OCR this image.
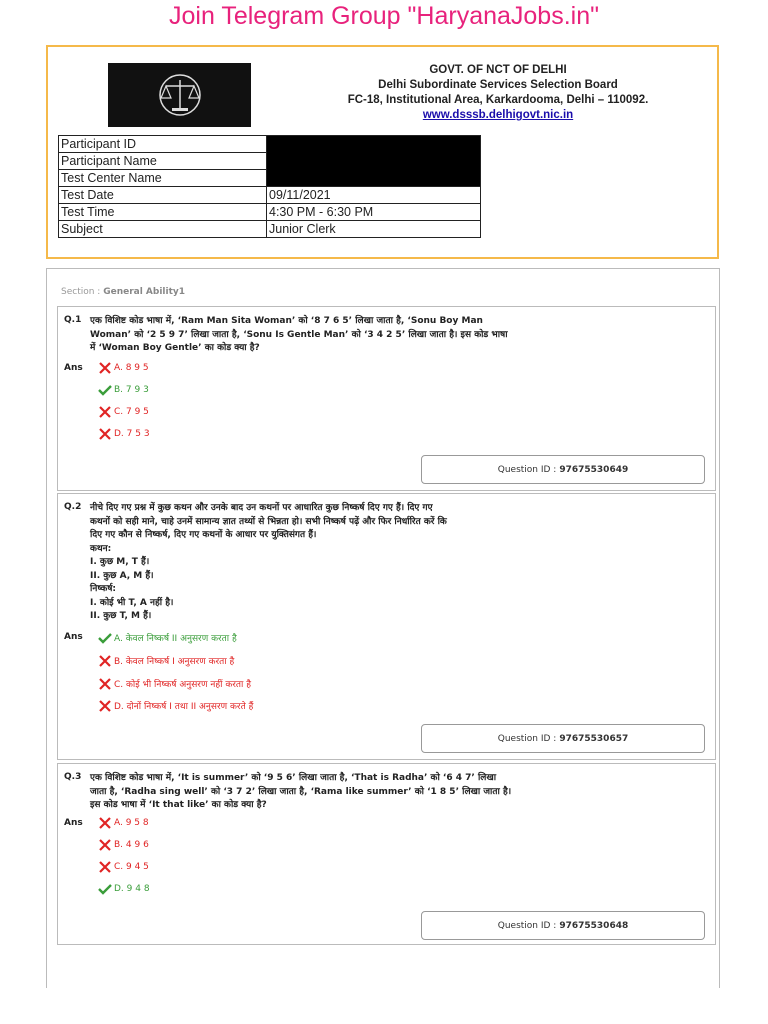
Join Telegram Group "HaryanaJobs.in"
GOVT. OF NCT OF DELHI
Delhi Subordinate Services Selection Board
FC-18, Institutional Area, Karkardooma, Delhi – 110092.
www.dsssb.delhigovt.nic.in
Participant ID	
Participant Name	
Test Center Name	
Test Date	09/11/2021
Test Time	4:30 PM - 6:30 PM
Subject	Junior Clerk
Section : General Ability1
Q.1 एक विशिष्ट कोड भाषा में, ‘Ram Man Sita Woman’ को ‘8 7 6 5’ लिखा जाता है, ‘Sonu Boy Man
Woman’ को ‘2 5 9 7’ लिखा जाता है, ‘Sonu Is Gentle Man’ को ‘3 4 2 5’ लिखा जाता है। इस कोड भाषा
में ‘Woman Boy Gentle’ का कोड क्या है?
Ans	A. 8 9 5
B. 7 9 3
C. 7 9 5
D. 7 5 3
Question ID : 97675530649
Q.2 नीचे दिए गए प्रश्न में कुछ कथन और उनके बाद उन कथनों पर आधारित कुछ निष्कर्ष दिए गए हैं। दिए गए
कथनों को सही माने, चाहे उनमें सामान्य ज्ञात तथ्यों से भिन्नता हो। सभी निष्कर्ष पढ़ें और फिर निर्धारित करें कि
दिए गए कौन से निष्कर्ष, दिए गए कथनों के आधार पर युक्तिसंगत हैं।
कथन:
I. कुछ M, T हैं।
II. कुछ A, M हैं।
निष्कर्ष:
I. कोई भी T, A नहीं है।
II. कुछ T, M हैं।
Ans	A. केवल निष्कर्ष II अनुसरण करता है
B. केवल निष्कर्ष I अनुसरण करता है
C. कोई भी निष्कर्ष अनुसरण नहीं करता है
D. दोनों निष्कर्ष I तथा II अनुसरण करते हैं
Question ID : 97675530657
Q.3 एक विशिष्ट कोड भाषा में, ‘It is summer’ को ‘9 5 6’ लिखा जाता है, ‘That is Radha’ को ‘6 4 7’ लिखा
जाता है, ‘Radha sing well’ को ‘3 7 2’ लिखा जाता है, ‘Rama like summer’ को ‘1 8 5’ लिखा जाता है।
इस कोड भाषा में ‘It that like’ का कोड क्या है?
Ans	A. 9 5 8
B. 4 9 6
C. 9 4 5
D. 9 4 8
Question ID : 97675530648
